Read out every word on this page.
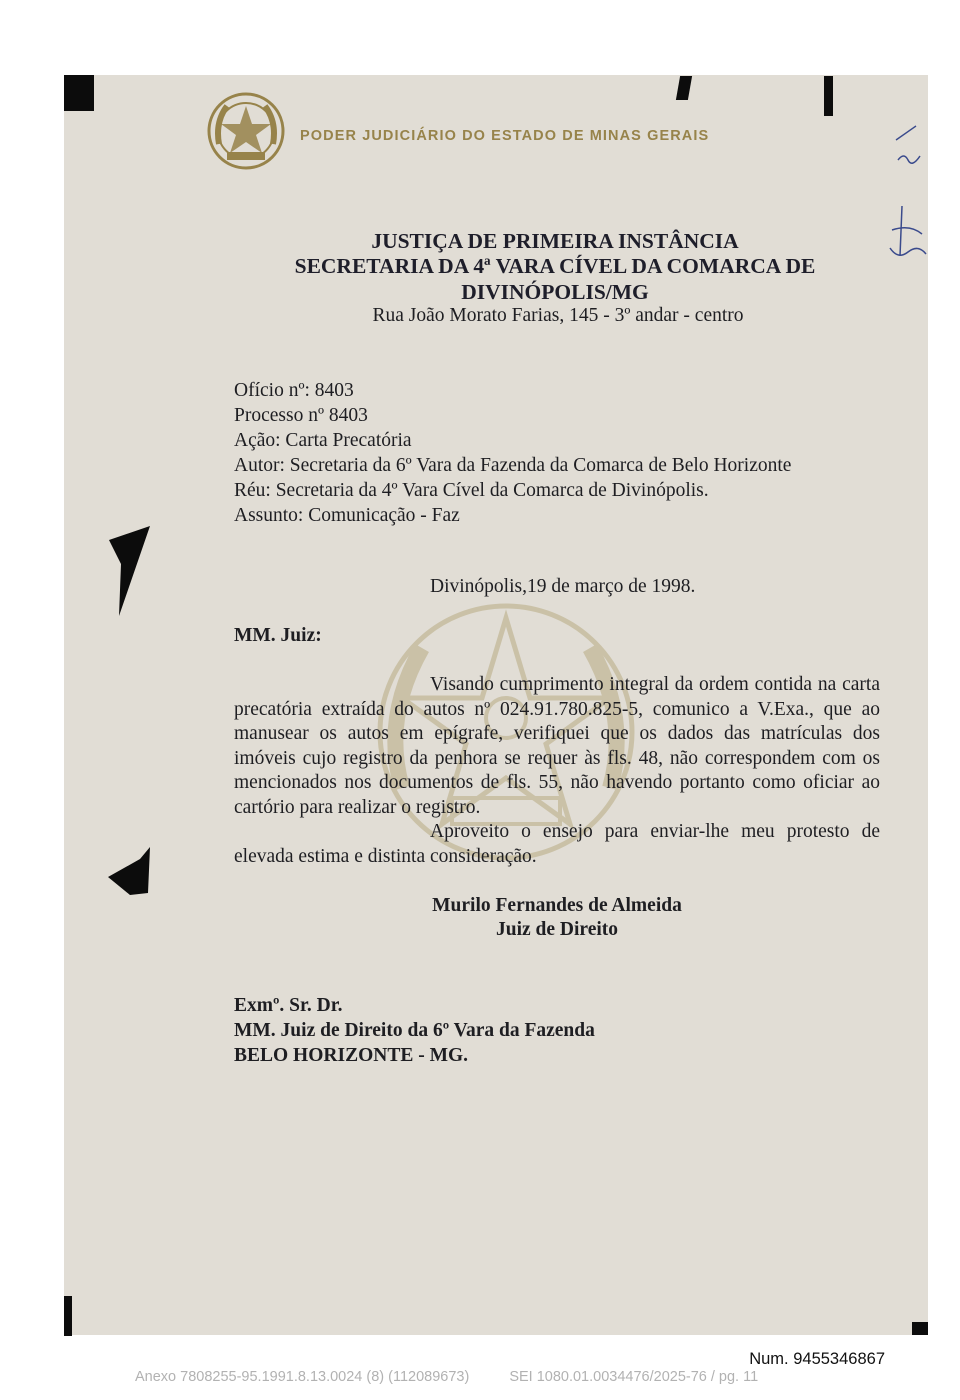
PODER JUDICIÁRIO DO ESTADO DE MINAS GERAIS
JUSTIÇA DE PRIMEIRA INSTÂNCIA
SECRETARIA DA 4ª VARA CÍVEL DA COMARCA DE
DIVINÓPOLIS/MG
Rua João Morato Farias, 145 - 3º andar - centro
Ofício nº: 8403
Processo nº 8403
Ação: Carta Precatória
Autor: Secretaria da 6º Vara da Fazenda da Comarca de Belo Horizonte
Réu: Secretaria da 4º Vara Cível da Comarca de Divinópolis.
Assunto: Comunicação - Faz
Divinópolis,19 de março de 1998.
MM. Juiz:

Visando cumprimento integral da ordem contida na carta precatória extraída do autos nº 024.91.780.825-5, comunico a V.Exa., que ao manusear os autos em epígrafe, verifiquei que os dados das matrículas dos imóveis cujo registro da penhora se requer às fls. 48, não correspondem com os mencionados nos documentos de fls. 55, não havendo portanto como oficiar ao cartório para realizar o registro.

Aproveito o ensejo para enviar-lhe meu protesto de elevada estima e distinta consideração.

Murilo Fernandes de Almeida
Juiz de Direito
Exmº. Sr. Dr.
MM. Juiz de Direito da 6º Vara da Fazenda
BELO HORIZONTE - MG.
Num. 9455346867
Anexo 7808255-95.1991.8.13.0024 (8) (112089673)	SEI 1080.01.0034476/2025-76 / pg. 11
